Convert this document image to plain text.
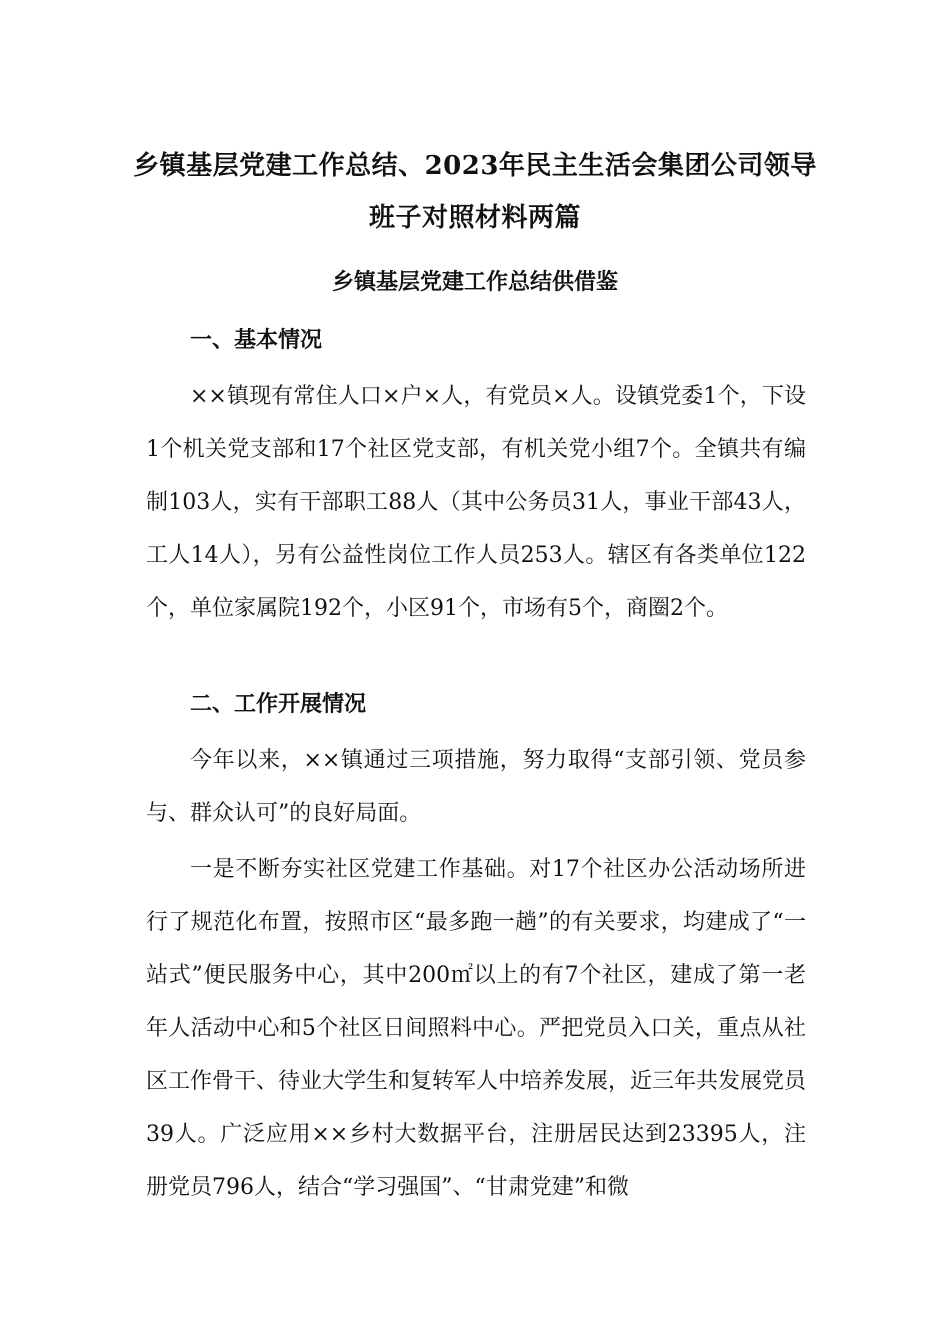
乡镇基层党建工作总结、2023年民主生活会集团公司领导
班子对照材料两篇
乡镇基层党建工作总结供借鉴
一、基本情况

××镇现有常住人口×户×人，有党员×人。设镇党委1个，下设1个机关党支部和17个社区党支部，有机关党小组7个。全镇共有编制103人，实有干部职工88人（其中公务员31人，事业干部43人，工人14人），另有公益性岗位工作人员253人。辖区有各类单位122个，单位家属院192个，小区91个，市场有5个，商圈2个。

二、工作开展情况

今年以来，××镇通过三项措施，努力取得“支部引领、党员参与、群众认可”的良好局面。

一是不断夯实社区党建工作基础。对17个社区办公活动场所进行了规范化布置，按照市区“最多跑一趟”的有关要求，均建成了“一站式”便民服务中心，其中200㎡以上的有7个社区，建成了第一老年人活动中心和5个社区日间照料中心。严把党员入口关，重点从社区工作骨干、待业大学生和复转军人中培养发展，近三年共发展党员39人。广泛应用××乡村大数据平台，注册居民达到23395人，注册党员796人，结合“学习强国”、“甘肃党建”和微
